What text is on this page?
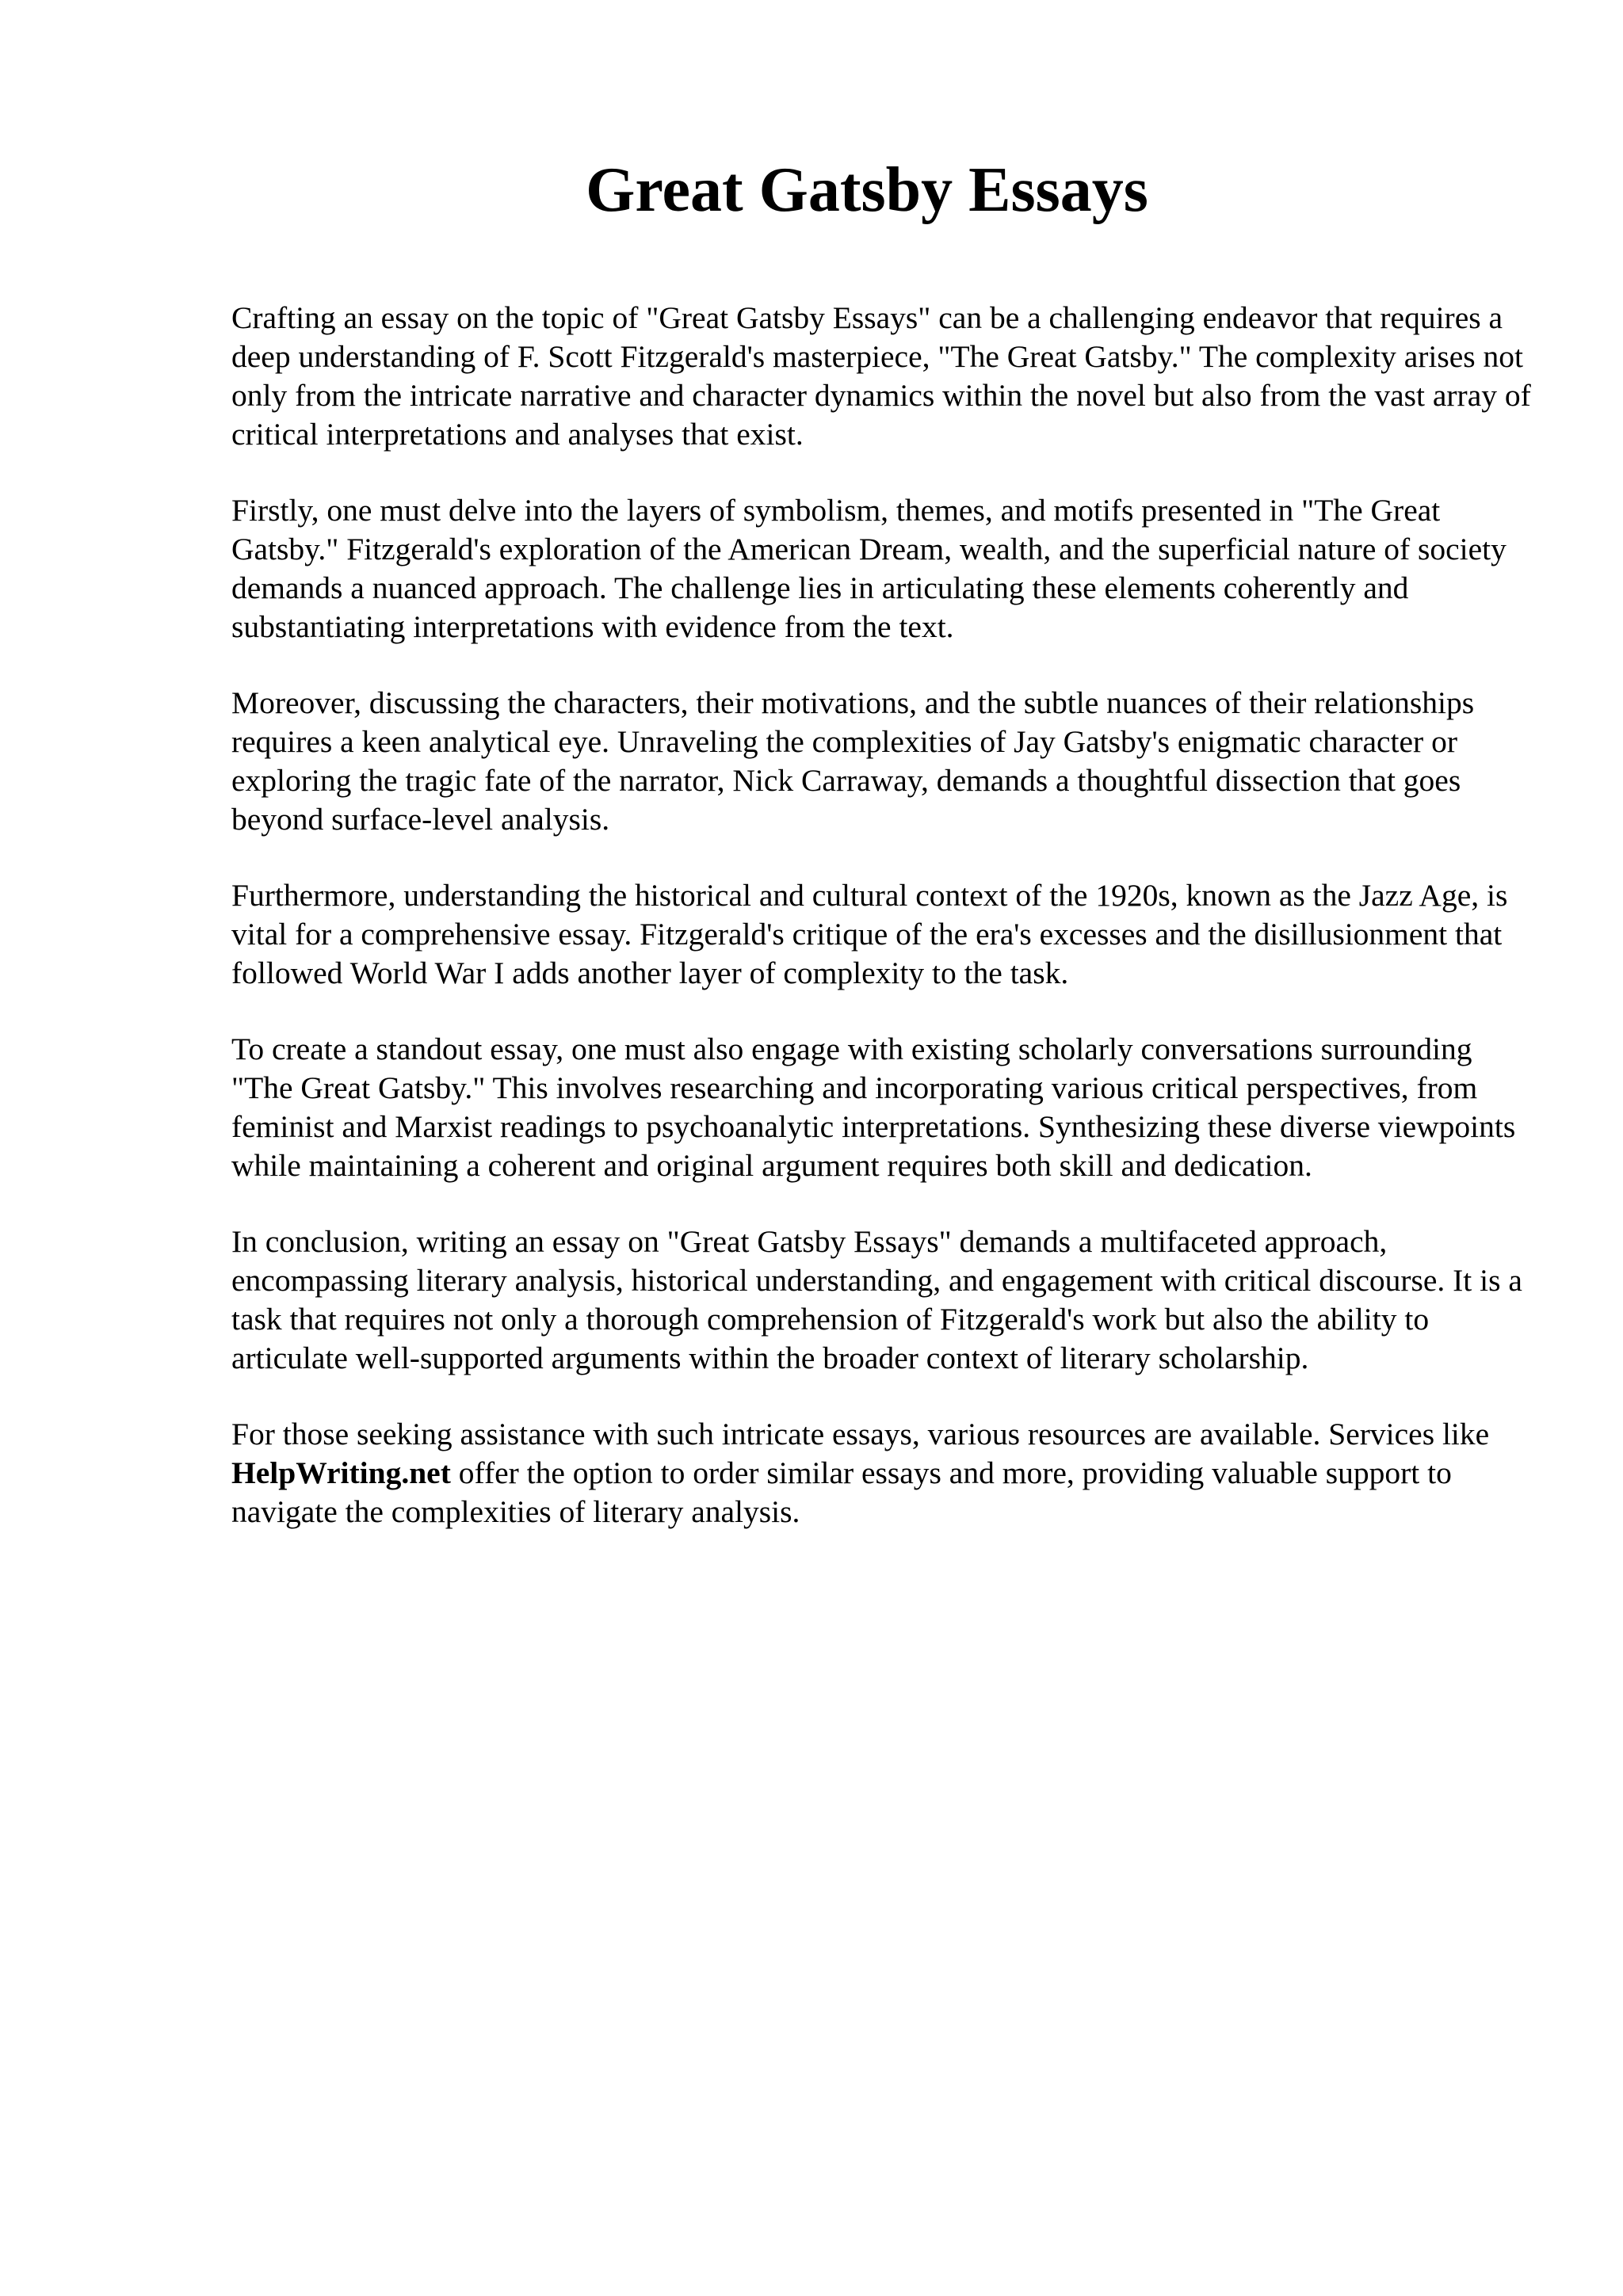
Great Gatsby Essays

Crafting an essay on the topic of "Great Gatsby Essays" can be a challenging endeavor that requires a deep understanding of F. Scott Fitzgerald's masterpiece, "The Great Gatsby." The complexity arises not only from the intricate narrative and character dynamics within the novel but also from the vast array of critical interpretations and analyses that exist.

Firstly, one must delve into the layers of symbolism, themes, and motifs presented in "The Great Gatsby." Fitzgerald's exploration of the American Dream, wealth, and the superficial nature of society demands a nuanced approach. The challenge lies in articulating these elements coherently and substantiating interpretations with evidence from the text.

Moreover, discussing the characters, their motivations, and the subtle nuances of their relationships requires a keen analytical eye. Unraveling the complexities of Jay Gatsby's enigmatic character or exploring the tragic fate of the narrator, Nick Carraway, demands a thoughtful dissection that goes beyond surface-level analysis.

Furthermore, understanding the historical and cultural context of the 1920s, known as the Jazz Age, is vital for a comprehensive essay. Fitzgerald's critique of the era's excesses and the disillusionment that followed World War I adds another layer of complexity to the task.

To create a standout essay, one must also engage with existing scholarly conversations surrounding "The Great Gatsby." This involves researching and incorporating various critical perspectives, from feminist and Marxist readings to psychoanalytic interpretations. Synthesizing these diverse viewpoints while maintaining a coherent and original argument requires both skill and dedication.

In conclusion, writing an essay on "Great Gatsby Essays" demands a multifaceted approach, encompassing literary analysis, historical understanding, and engagement with critical discourse. It is a task that requires not only a thorough comprehension of Fitzgerald's work but also the ability to articulate well-supported arguments within the broader context of literary scholarship.

For those seeking assistance with such intricate essays, various resources are available. Services like HelpWriting.net offer the option to order similar essays and more, providing valuable support to navigate the complexities of literary analysis.
